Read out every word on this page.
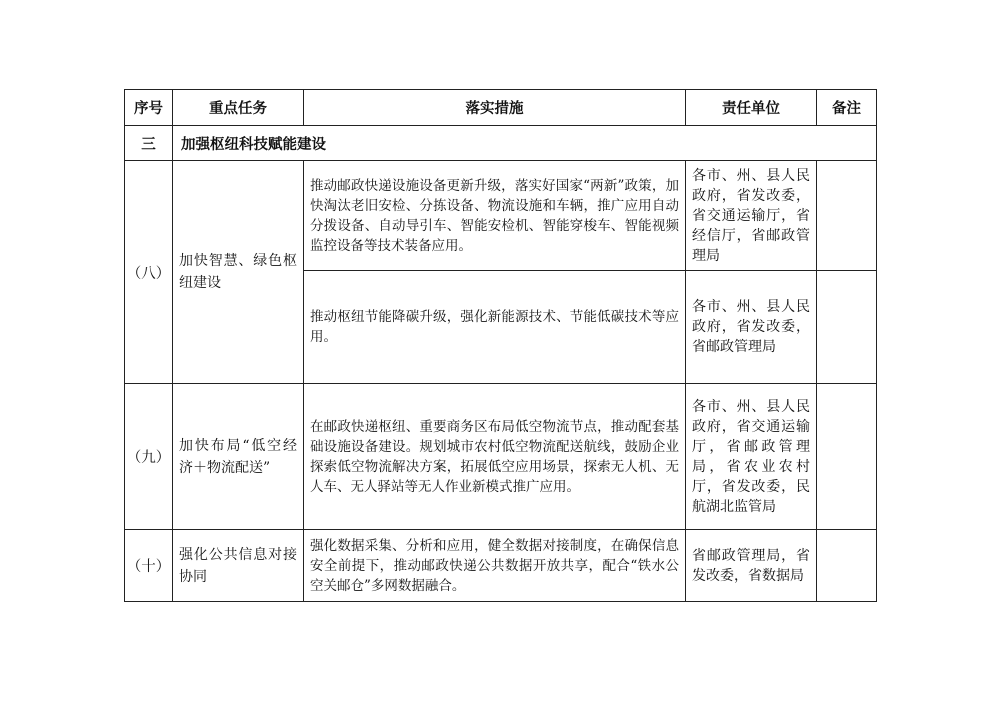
序号	重点任务	落实措施	责任单位	备注
三	加强枢纽科技赋能建设			
（八）	加快智慧、绿色枢纽建设	推动邮政快递设施设备更新升级，落实好国家“两新”政策，加快淘汰老旧安检、分拣设备、物流设施和车辆，推广应用自动分拨设备、自动导引车、智能安检机、智能穿梭车、智能视频监控设备等技术装备应用。	各市、州、县人民政府，省发改委，省交通运输厅，省经信厅，省邮政管理局	

		推动枢纽节能降碳升级，强化新能源技术、节能低碳技术等应用。	各市、州、县人民政府，省发改委，省邮政管理局	

（九）	加快布局“低空经济＋物流配送”	在邮政快递枢纽、重要商务区布局低空物流节点，推动配套基础设施设备建设。规划城市农村低空物流配送航线，鼓励企业探索低空物流解决方案，拓展低空应用场景，探索无人机、无人车、无人驿站等无人作业新模式推广应用。	各市、州、县人民政府，省交通运输厅，省邮政管理局，省农业农村厅，省发改委，民航湖北监管局	

（十）	强化公共信息对接协同	强化数据采集、分析和应用，健全数据对接制度，在确保信息安全前提下，推动邮政快递公共数据开放共享，配合“铁水公空关邮仓”多网数据融合。	省邮政管理局，省发改委，省数据局	
